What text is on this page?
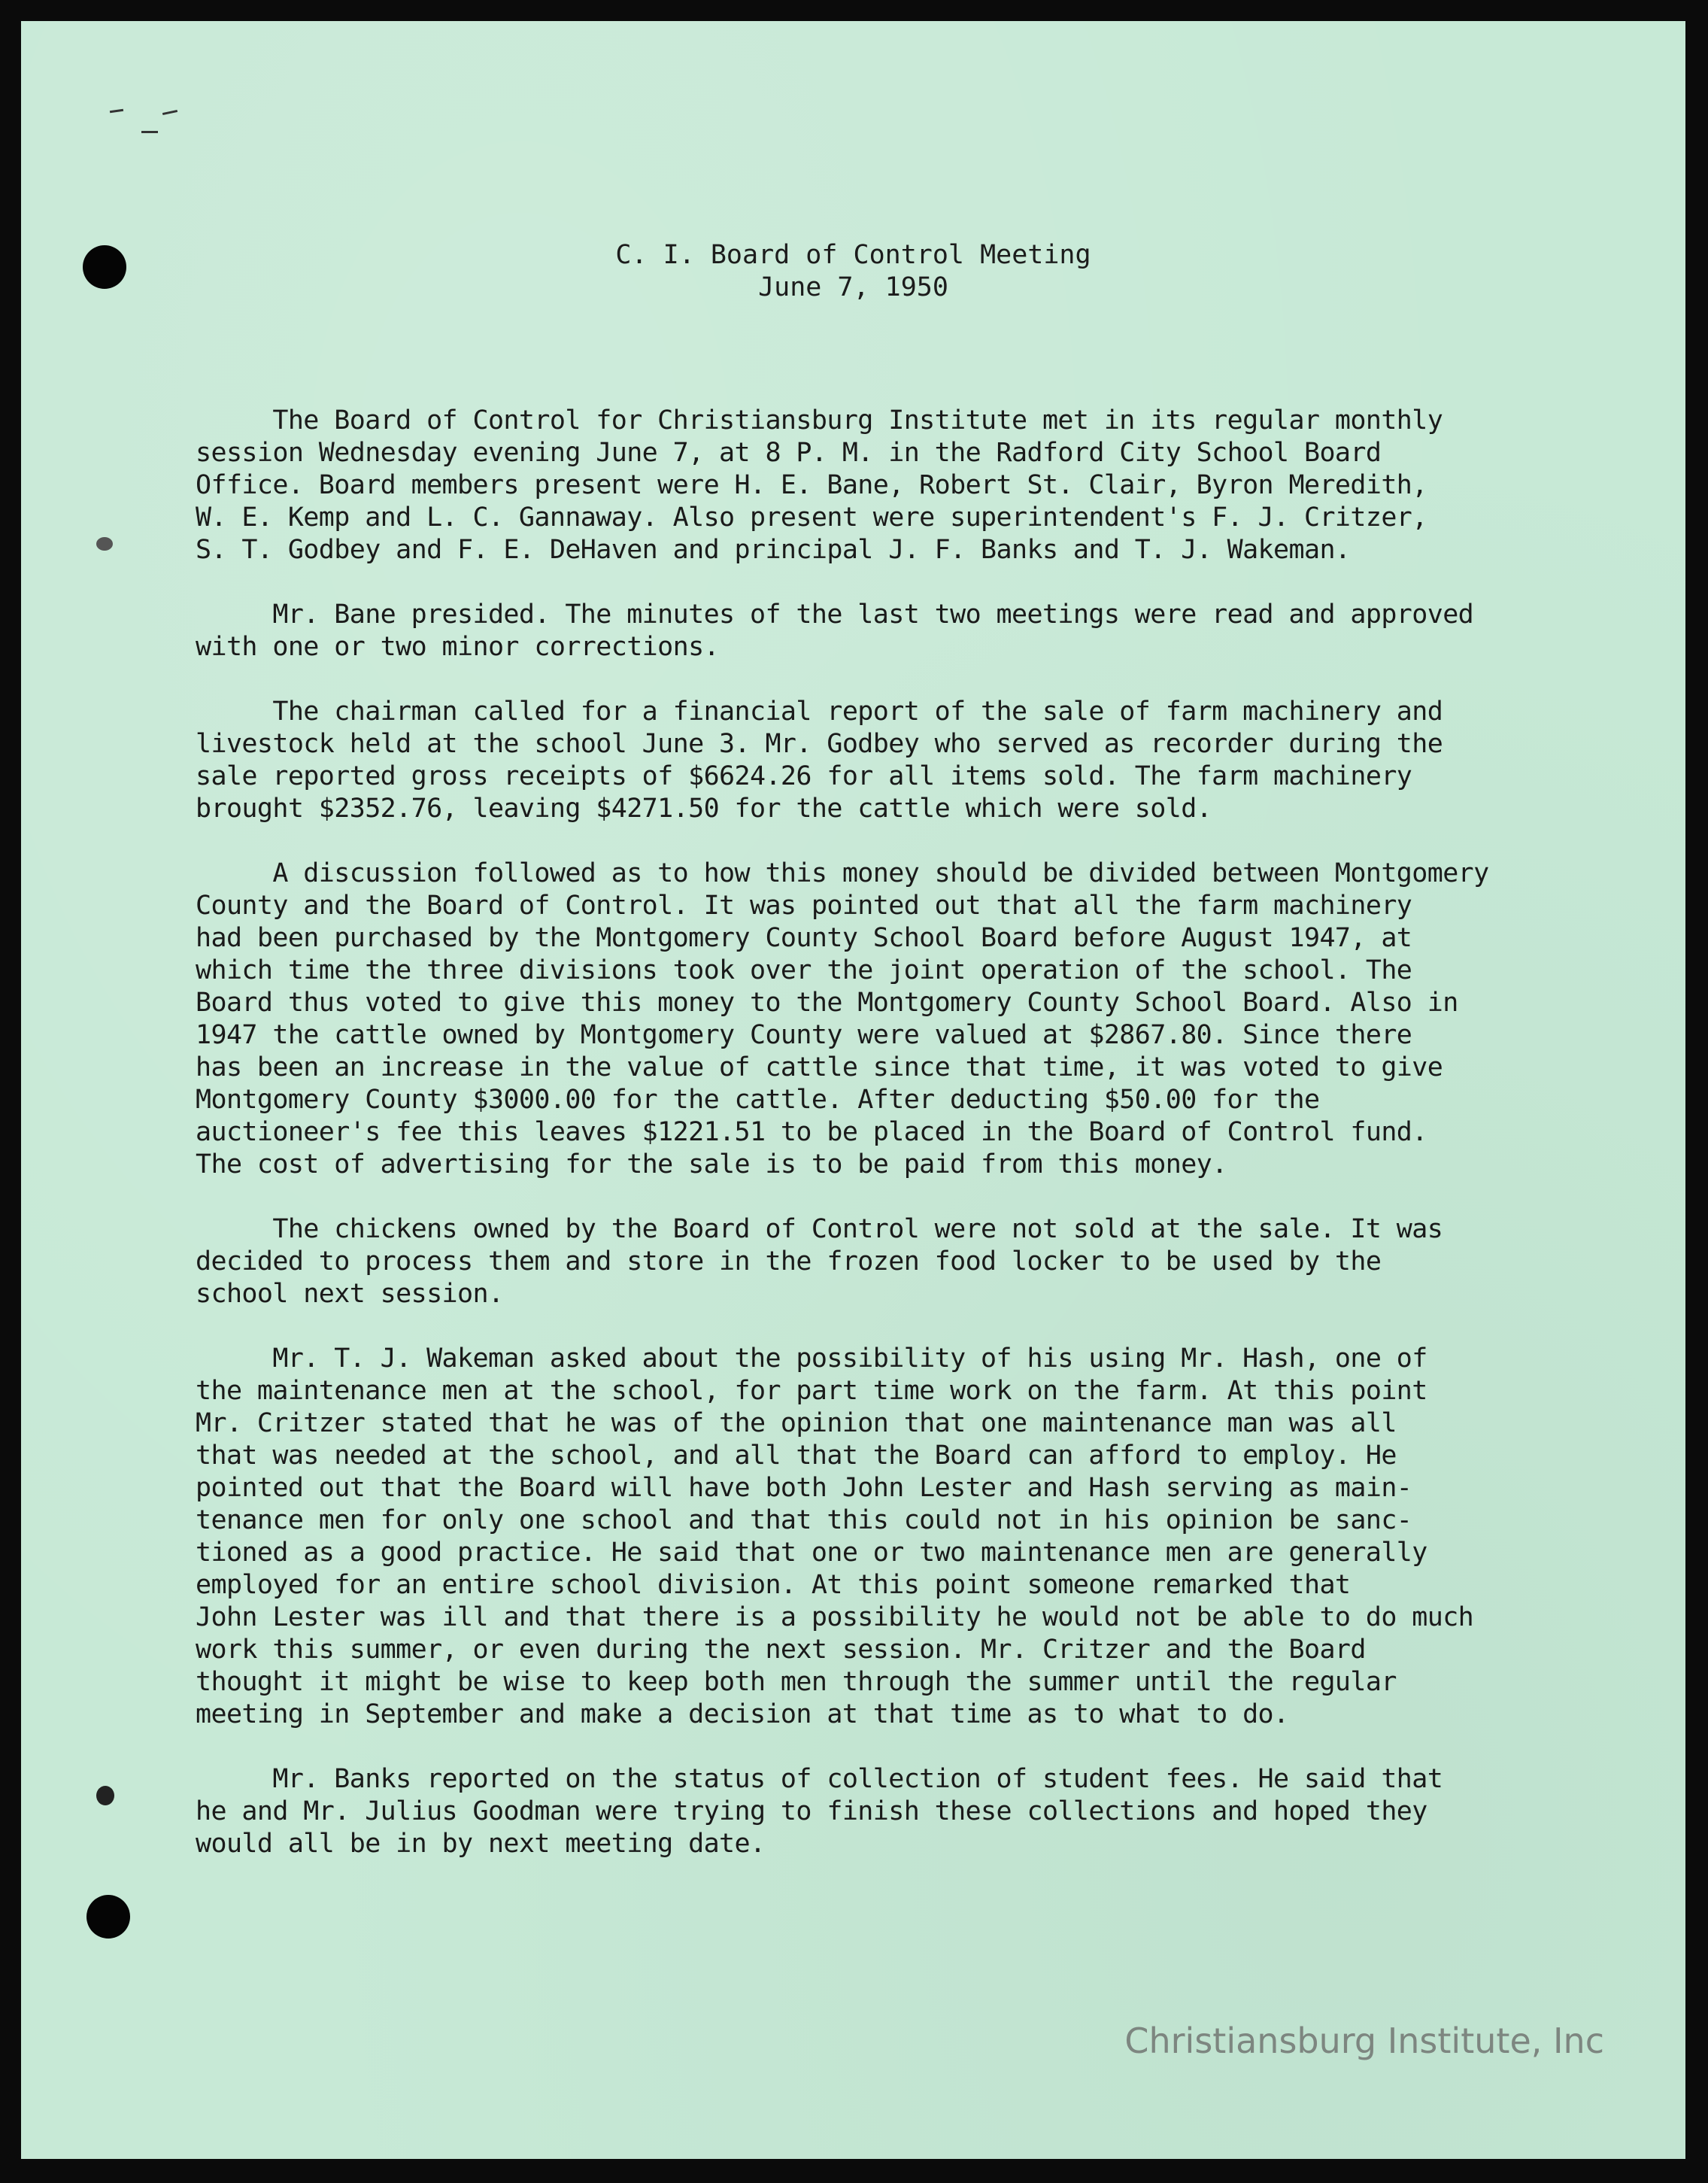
C. I. Board of Control Meeting
June 7, 1950
The Board of Control for Christiansburg Institute met in its regular monthly
session Wednesday evening June 7, at 8 P. M. in the Radford City School Board
Office. Board members present were H. E. Bane, Robert St. Clair, Byron Meredith,
W. E. Kemp and L. C. Gannaway. Also present were superintendent's F. J. Critzer,
S. T. Godbey and F. E. DeHaven and principal J. F. Banks and T. J. Wakeman.
Mr. Bane presided. The minutes of the last two meetings were read and approved
with one or two minor corrections.
The chairman called for a financial report of the sale of farm machinery and
livestock held at the school June 3. Mr. Godbey who served as recorder during the
sale reported gross receipts of $6624.26 for all items sold. The farm machinery
brought $2352.76, leaving $4271.50 for the cattle which were sold.
A discussion followed as to how this money should be divided between Montgomery
County and the Board of Control. It was pointed out that all the farm machinery
had been purchased by the Montgomery County School Board before August 1947, at
which time the three divisions took over the joint operation of the school. The
Board thus voted to give this money to the Montgomery County School Board. Also in
1947 the cattle owned by Montgomery County were valued at $2867.80. Since there
has been an increase in the value of cattle since that time, it was voted to give
Montgomery County $3000.00 for the cattle. After deducting $50.00 for the
auctioneer's fee this leaves $1221.51 to be placed in the Board of Control fund.
The cost of advertising for the sale is to be paid from this money.
The chickens owned by the Board of Control were not sold at the sale. It was
decided to process them and store in the frozen food locker to be used by the
school next session.
Mr. T. J. Wakeman asked about the possibility of his using Mr. Hash, one of
the maintenance men at the school, for part time work on the farm. At this point
Mr. Critzer stated that he was of the opinion that one maintenance man was all
that was needed at the school, and all that the Board can afford to employ. He
pointed out that the Board will have both John Lester and Hash serving as main-
tenance men for only one school and that this could not in his opinion be sanc-
tioned as a good practice. He said that one or two maintenance men are generally
employed for an entire school division. At this point someone remarked that
John Lester was ill and that there is a possibility he would not be able to do much
work this summer, or even during the next session. Mr. Critzer and the Board
thought it might be wise to keep both men through the summer until the regular
meeting in September and make a decision at that time as to what to do.
Mr. Banks reported on the status of collection of student fees. He said that
he and Mr. Julius Goodman were trying to finish these collections and hoped they
would all be in by next meeting date.
Christiansburg Institute, Inc
